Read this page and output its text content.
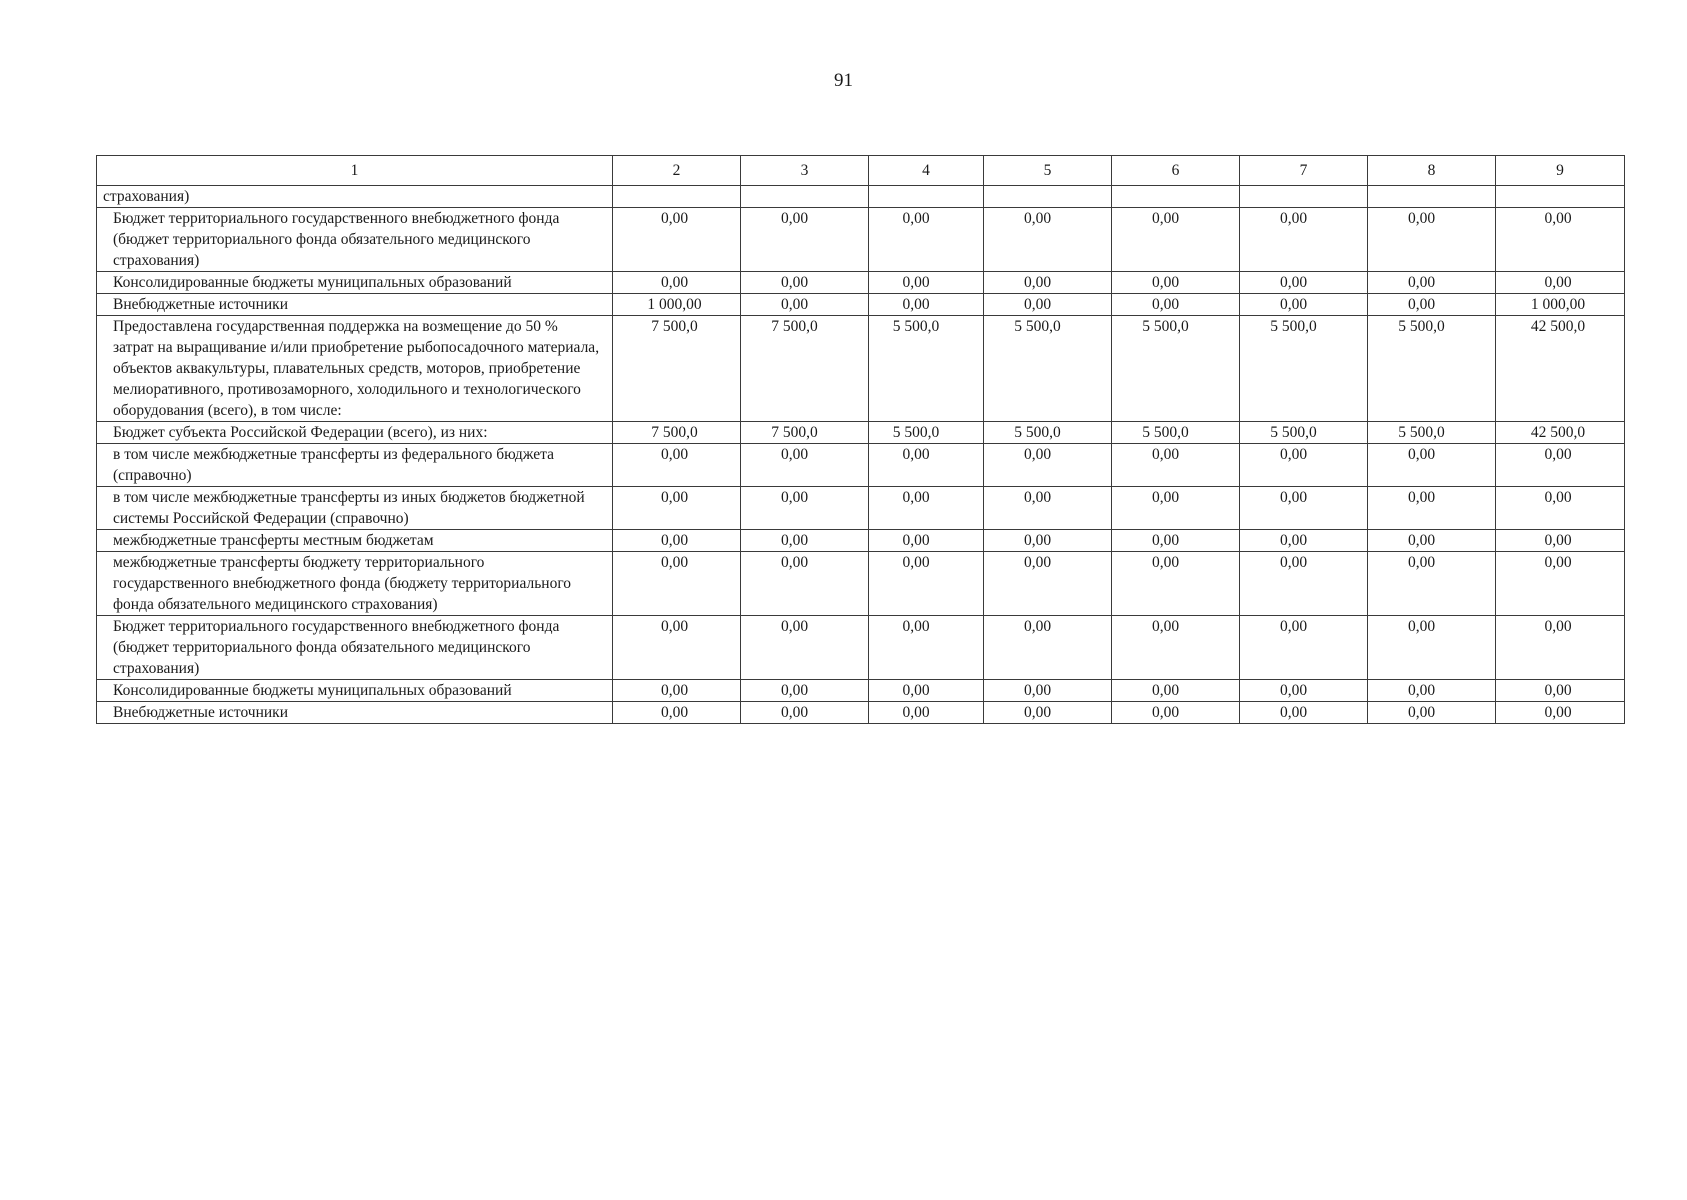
91
1	2	3	4	5	6	7	8	9
страхования)								
Бюджет территориального государственного внебюджетного фонда (бюджет территориального фонда обязательного медицинского страхования)	0,00	0,00	0,00	0,00	0,00	0,00	0,00	0,00
Консолидированные бюджеты муниципальных образований	0,00	0,00	0,00	0,00	0,00	0,00	0,00	0,00
Внебюджетные источники	1 000,00	0,00	0,00	0,00	0,00	0,00	0,00	1 000,00
Предоставлена государственная поддержка на возмещение до 50 % затрат на выращивание и/или приобретение рыбопосадочного материала, объектов аквакультуры, плавательных средств, моторов, приобретение мелиоративного, противозаморного, холодильного и технологического оборудования (всего), в том числе:	7 500,0	7 500,0	5 500,0	5 500,0	5 500,0	5 500,0	5 500,0	42 500,0
Бюджет субъекта Российской Федерации (всего), из них:	7 500,0	7 500,0	5 500,0	5 500,0	5 500,0	5 500,0	5 500,0	42 500,0
в том числе межбюджетные трансферты из федерального бюджета (справочно)	0,00	0,00	0,00	0,00	0,00	0,00	0,00	0,00
в том числе межбюджетные трансферты из иных бюджетов бюджетной системы Российской Федерации (справочно)	0,00	0,00	0,00	0,00	0,00	0,00	0,00	0,00
межбюджетные трансферты местным бюджетам	0,00	0,00	0,00	0,00	0,00	0,00	0,00	0,00
межбюджетные трансферты бюджету территориального государственного внебюджетного фонда (бюджету территориального фонда обязательного медицинского страхования)	0,00	0,00	0,00	0,00	0,00	0,00	0,00	0,00
Бюджет территориального государственного внебюджетного фонда (бюджет территориального фонда обязательного медицинского страхования)	0,00	0,00	0,00	0,00	0,00	0,00	0,00	0,00
Консолидированные бюджеты муниципальных образований	0,00	0,00	0,00	0,00	0,00	0,00	0,00	0,00
Внебюджетные источники	0,00	0,00	0,00	0,00	0,00	0,00	0,00	0,00
